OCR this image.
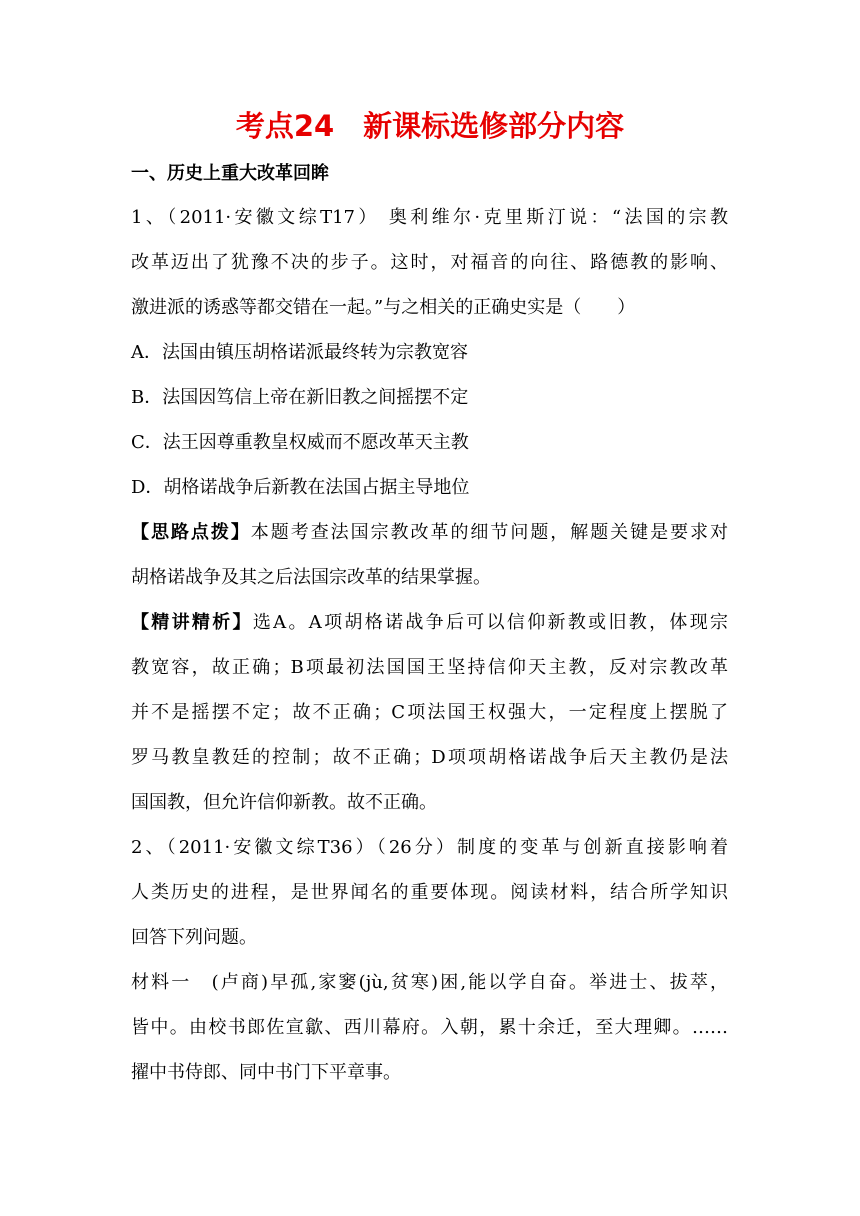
考点24　新课标选修部分内容
一、历史上重大改革回眸
1、（2011·安徽文综T17） 奥利维尔·克里斯汀说：“法国的宗教
改革迈出了犹豫不决的步子。这时，对福音的向往、路德教的影响、
激进派的诱惑等都交错在一起。”与之相关的正确史实是（　　）
A．法国由镇压胡格诺派最终转为宗教宽容
B．法国因笃信上帝在新旧教之间摇摆不定
C．法王因尊重教皇权威而不愿改革天主教
D．胡格诺战争后新教在法国占据主导地位
【思路点拨】本题考查法国宗教改革的细节问题，解题关键是要求对
胡格诺战争及其之后法国宗改革的结果掌握。
【精讲精析】选A。A项胡格诺战争后可以信仰新教或旧教，体现宗
教宽容，故正确；B项最初法国国王坚持信仰天主教，反对宗教改革
并不是摇摆不定；故不正确；C项法国王权强大，一定程度上摆脱了
罗马教皇教廷的控制；故不正确；D项项胡格诺战争后天主教仍是法
国国教，但允许信仰新教。故不正确。
2、（2011·安徽文综T36）（26分）制度的变革与创新直接影响着
人类历史的进程，是世界闻名的重要体现。阅读材料，结合所学知识
回答下列问题。
材料一　(卢商)早孤,家窭(jù,贫寒)困,能以学自奋。举进士、拔萃，
皆中。由校书郎佐宣歙、西川幕府。入朝，累十余迁，至大理卿。……
擢中书侍郎、同中书门下平章事。
